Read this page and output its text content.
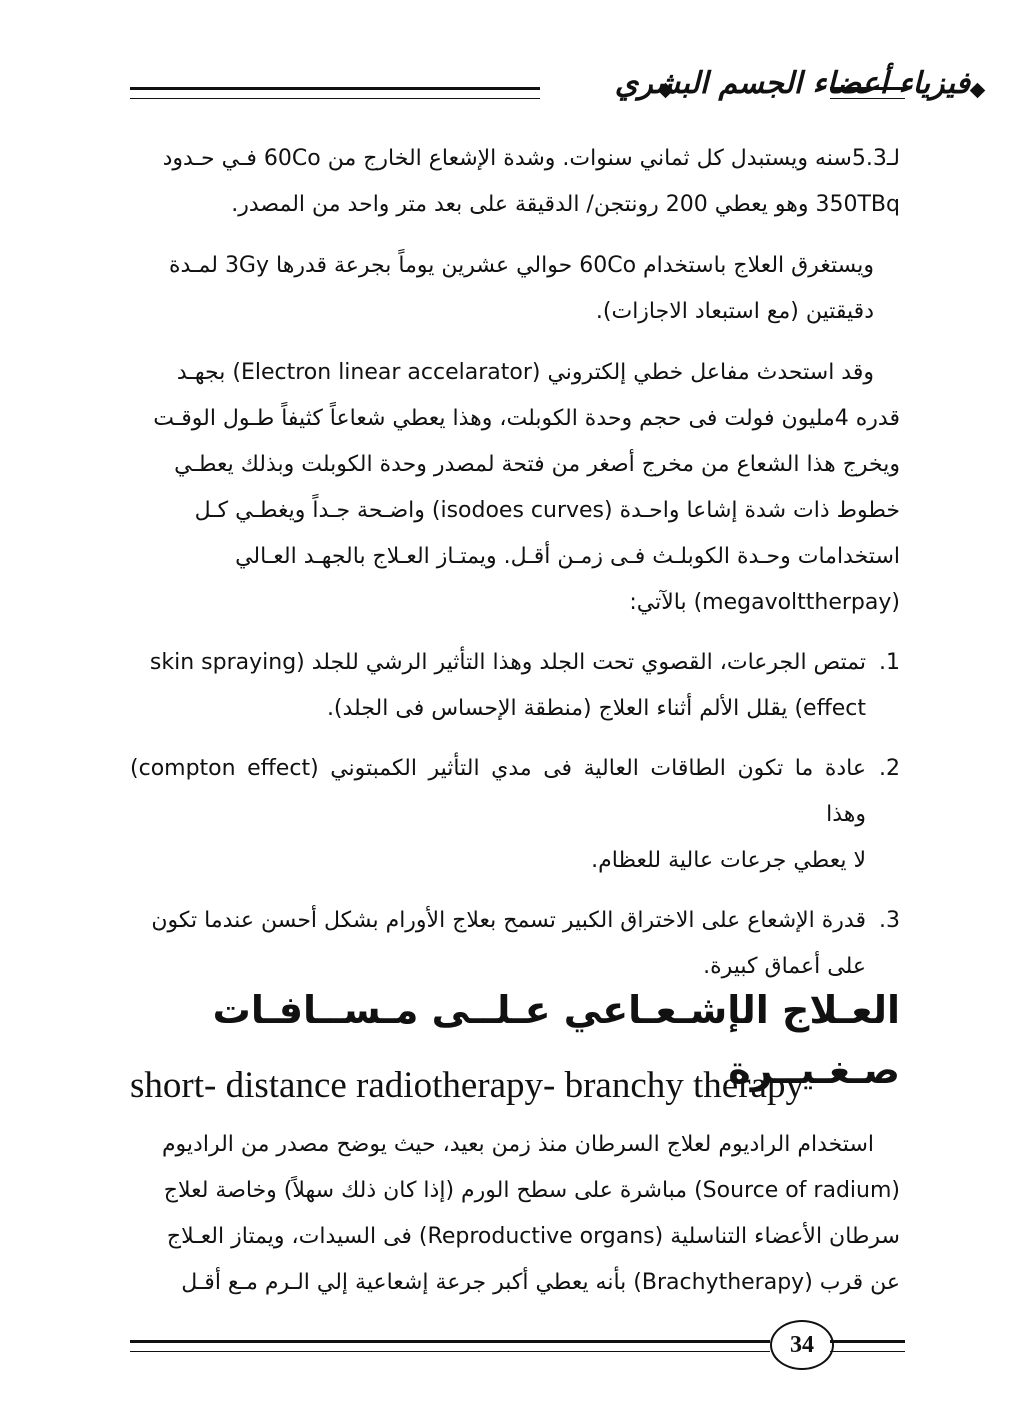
فيزياء أعضاء الجسم البشري
لـ5.3سنه ويستبدل كل ثماني سنوات. وشدة الإشعاع الخارج من 60Co فـي حـدود
350TBq وهو يعطي 200 رونتجن/ الدقيقة على بعد متر واحد من المصدر.
ويستغرق العلاج باستخدام 60Co حوالي عشرين يوماً بجرعة قدرها 3Gy لمـدة
دقيقتين (مع استبعاد الاجازات).
وقد استحدث مفاعل خطي إلكتروني (Electron linear accelarator) بجهـد
قدره 4مليون فولت فى حجم وحدة الكوبلت، وهذا يعطي شعاعاً كثيفاً طـول الوقـت
ويخرج هذا الشعاع من مخرج أصغر من فتحة لمصدر وحدة الكوبلت وبذلك يعطـي
خطوط ذات شدة إشاعا واحـدة (isodoes curves) واضـحة جـداً ويغطـي كـل
استخدامات وحـدة الكوبلـث فـى زمـن أقـل. ويمتـاز العـلاج بالجهـد العـالي
(megavolttherpay) بالآتي:
1.
تمتص الجرعات، القصوي تحت الجلد وهذا التأثير الرشي للجلد (skin spraying
effect) يقلل الألم أثناء العلاج (منطقة الإحساس فى الجلد).
2.
عادة ما تكون الطاقات العالية فى مدي التأثير الكمبتوني (compton effect) وهذا
لا يعطي جرعات عالية للعظام.
3.
قدرة الإشعاع على الاختراق الكبير تسمح بعلاج الأورام بشكل أحسن عندما تكون
على أعماق كبيرة.
العـلاج الإشـعـاعي عـلــى مـســافـات صـغـيــرة
short- distance radiotherapy- branchy therapy
استخدام الراديوم لعلاج السرطان منذ زمن بعيد، حيث يوضح مصدر من الراديوم
(Source of radium) مباشرة على سطح الورم (إذا كان ذلك سهلاً) وخاصة لعلاج
سرطان الأعضاء التناسلية (Reproductive organs) فى السيدات، ويمتاز العـلاج
عن قرب (Brachytherapy) بأنه يعطي أكبر جرعة إشعاعية إلي الـرم مـع أقـل
34
